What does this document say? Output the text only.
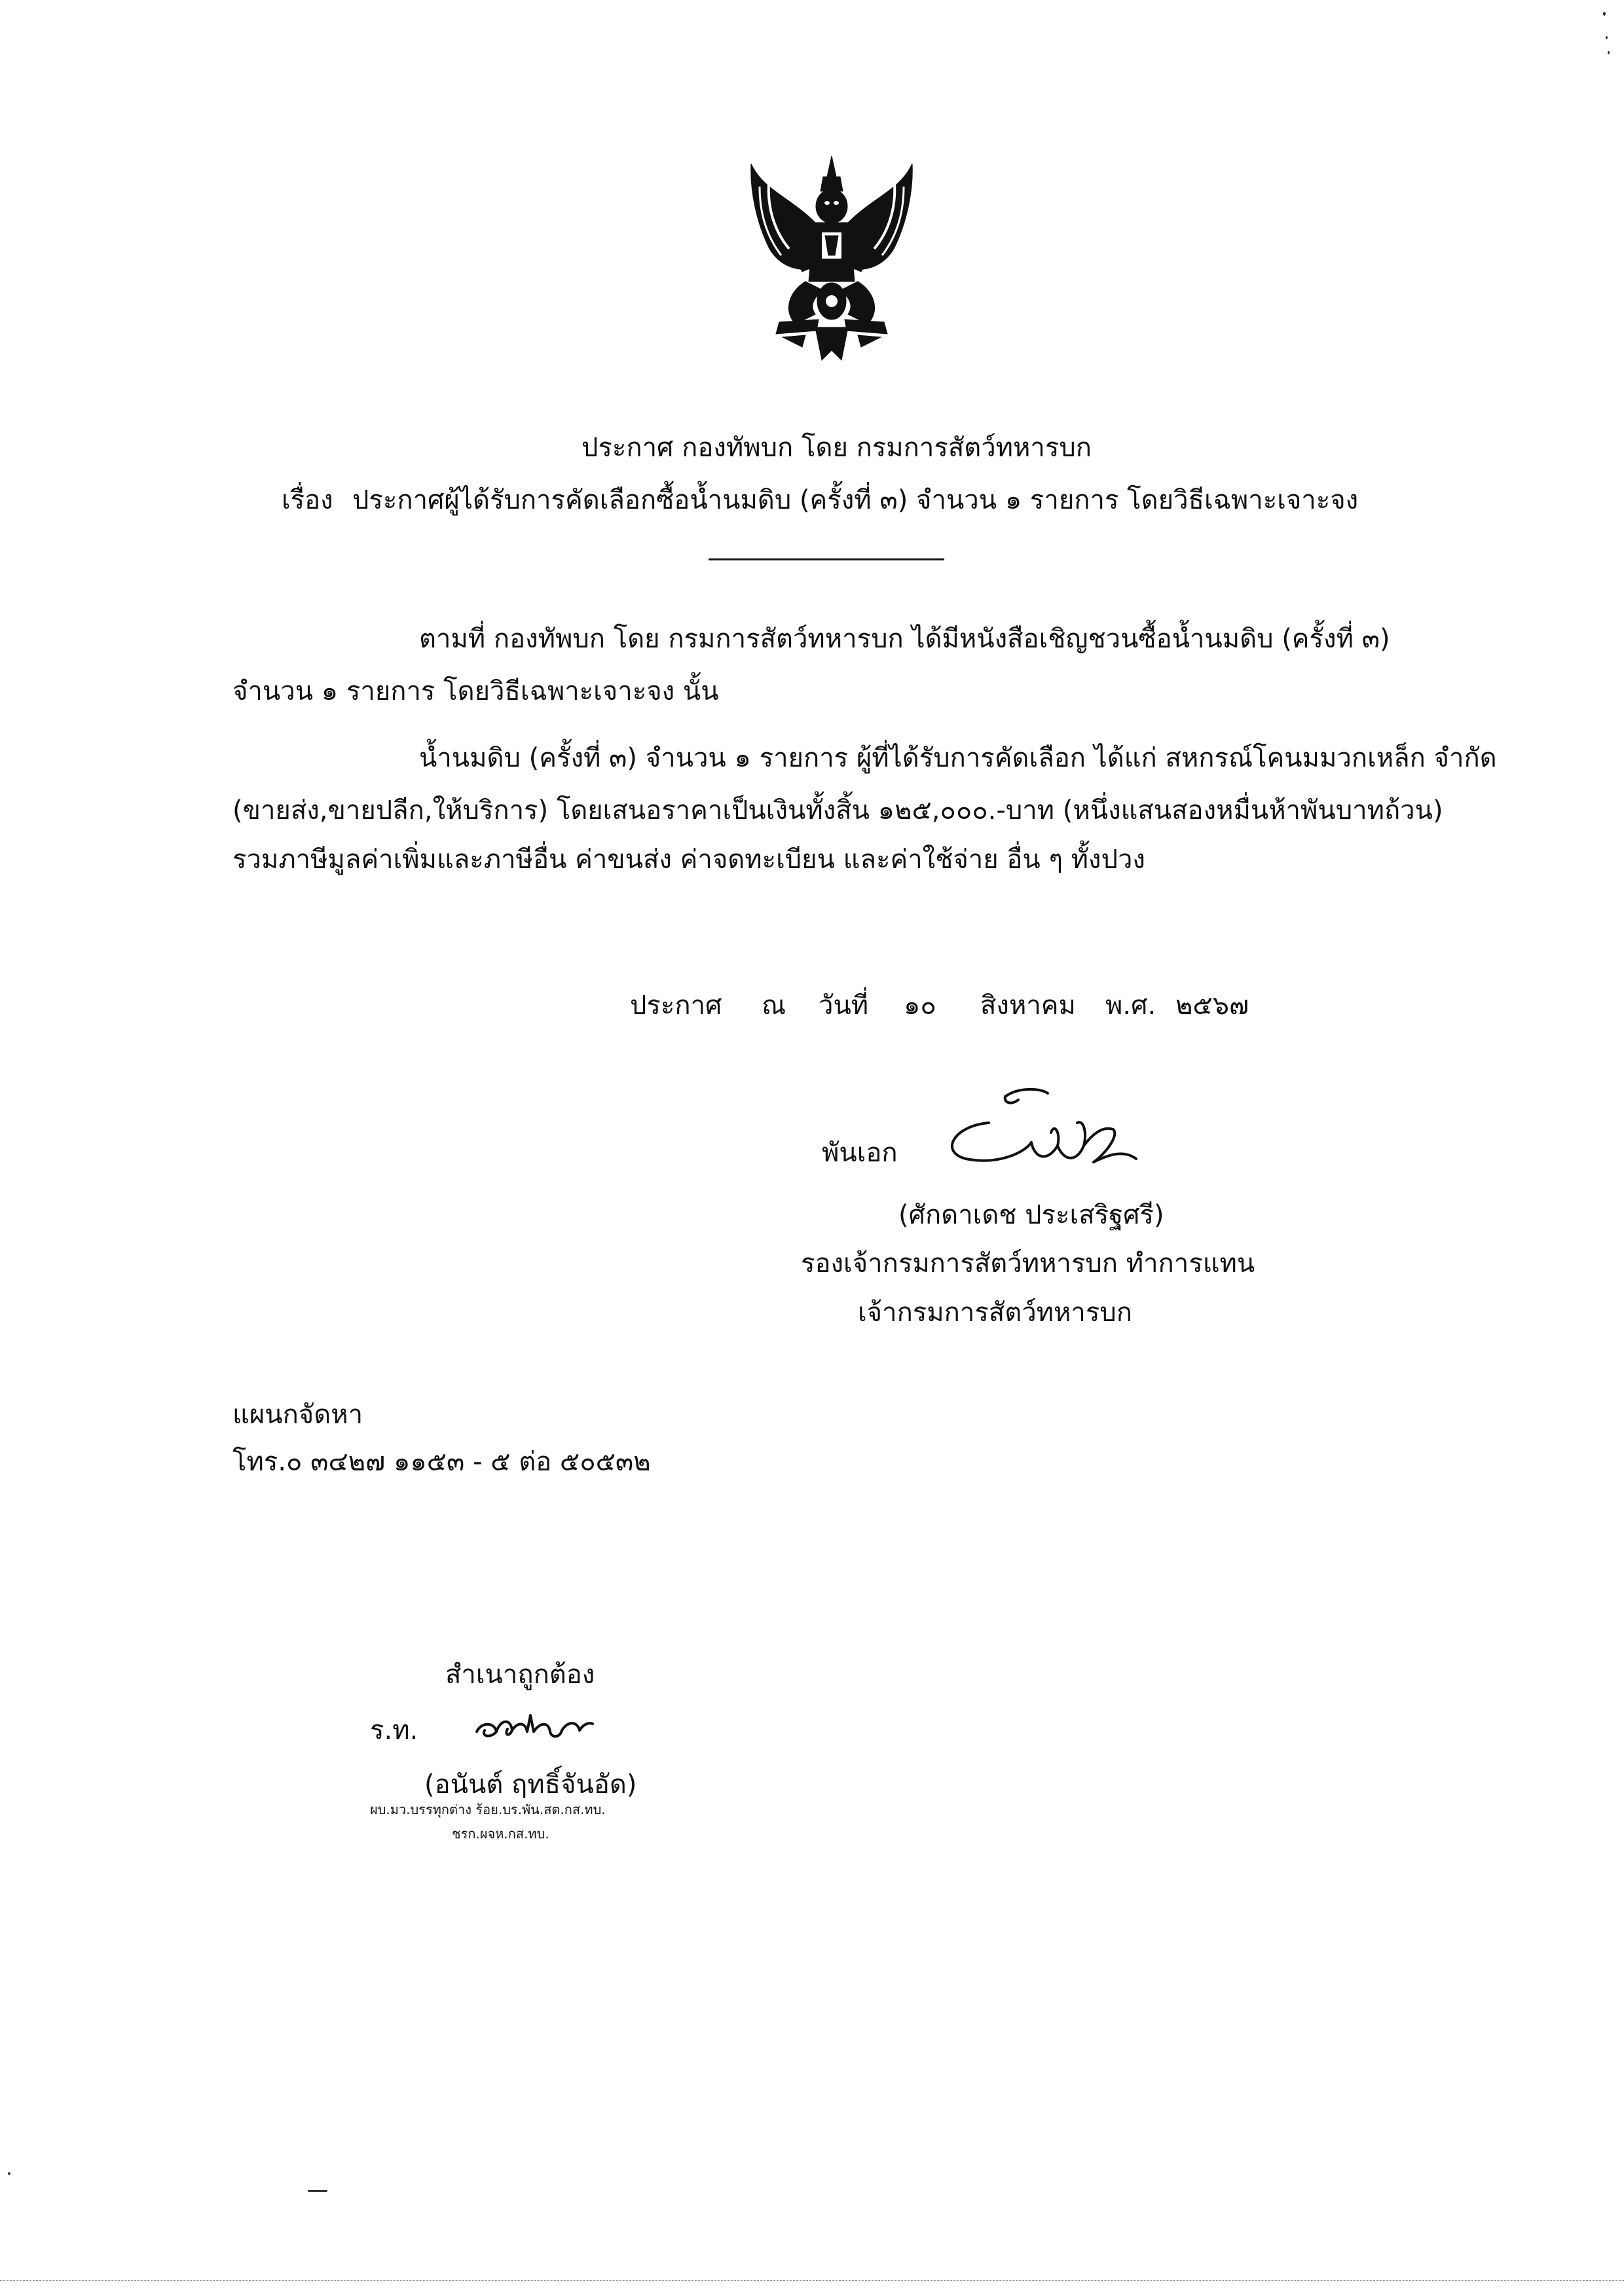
ประกาศ กองทัพบก โดย กรมการสัตว์ทหารบก
เรื่อง ประกาศผู้ได้รับการคัดเลือกซื้อน้ำนมดิบ (ครั้งที่ ๓) จำนวน ๑ รายการ โดยวิธีเฉพาะเจาะจง
ตามที่ กองทัพบก โดย กรมการสัตว์ทหารบก ได้มีหนังสือเชิญชวนซื้อน้ำนมดิบ (ครั้งที่ ๓)
จำนวน ๑ รายการ โดยวิธีเฉพาะเจาะจง นั้น
น้ำนมดิบ (ครั้งที่ ๓) จำนวน ๑ รายการ ผู้ที่ได้รับการคัดเลือก ได้แก่ สหกรณ์โคนมมวกเหล็ก จำกัด
(ขายส่ง,ขายปลีก,ให้บริการ) โดยเสนอราคาเป็นเงินทั้งสิ้น ๑๒๕,๐๐๐.-บาท (หนึ่งแสนสองหมื่นห้าพันบาทถ้วน)
รวมภาษีมูลค่าเพิ่มและภาษีอื่น ค่าขนส่ง ค่าจดทะเบียน และค่าใช้จ่าย อื่น ๆ ทั้งปวง
ประกาศ ณ วันที่ ๑๐ สิงหาคม พ.ศ. ๒๕๖๗
พันเอก
(ศักดาเดช ประเสริฐศรี)
รองเจ้ากรมการสัตว์ทหารบก ทำการแทน
เจ้ากรมการสัตว์ทหารบก
แผนกจัดหา
โทร.๐ ๓๔๒๗ ๑๑๕๓ - ๕ ต่อ ๕๐๕๓๒
สำเนาถูกต้อง
ร.ท.
(อนันต์ ฤทธิ์จันอัด)
ผบ.มว.บรรทุกต่าง ร้อย.บร.พัน.สต.กส.ทบ.
ชรก.ผจห.กส.ทบ.
